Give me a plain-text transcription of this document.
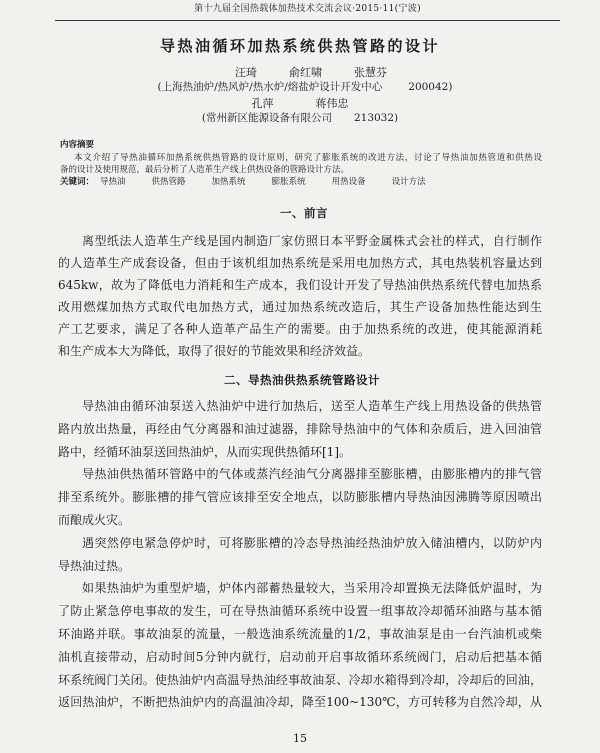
第十九届全国热载体加热技术交流会议·2015·11(宁波)
导热油循环加热系统供热管路的设计
汪琦	俞红啸	张慧芬
(上海热油炉/热风炉/热水炉/熔盐炉设计开发中心 200042)
孔萍	蒋伟忠
(常州新区能源设备有限公司 213032)
内容摘要
本文介绍了导热油循环加热系统供热管路的设计原则，研究了膨胀系统的改进方法，讨论了导热油加热管道和供热设
备的设计及使用规范，最后分析了人造革生产线上供热设备的管路设计方法。
关键词： 导热油	供热管路	加热系统	膨胀系统	用热设备	设计方法
一、前言
离型纸法人造革生产线是国内制造厂家仿照日本平野金属株式会社的样式，自行制作
的人造革生产成套设备，但由于该机组加热系统是采用电加热方式，其电热装机容量达到
645kw，故为了降低电力消耗和生产成本，我们设计开发了导热油供热系统代替电加热系
改用燃煤加热方式取代电加热方式，通过加热系统改造后，其生产设备加热性能达到生
产工艺要求，满足了各种人造革产品生产的需要。由于加热系统的改进，使其能源消耗
和生产成本大为降低，取得了很好的节能效果和经济效益。
二、导热油供热系统管路设计
导热油由循环油泵送入热油炉中进行加热后，送至人造革生产线上用热设备的供热管
路内放出热量，再经由气分离器和油过滤器，排除导热油中的气体和杂质后，进入回油管
路中，经循环油泵送回热油炉，从而实现供热循环[1]。
导热油供热循环管路中的气体或蒸汽经油气分离器排至膨胀槽，由膨胀槽内的排气管
排至系统外。膨胀槽的排气管应该排至安全地点，以防膨胀槽内导热油因沸腾等原因喷出
而酿成火灾。
遇突然停电紧急停炉时，可将膨胀槽的冷态导热油经热油炉放入储油槽内，以防炉内
导热油过热。
如果热油炉为重型炉墙，炉体内部蓄热量较大，当采用冷却置换无法降低炉温时，为
了防止紧急停电事故的发生，可在导热油循环系统中设置一组事故冷却循环油路与基本循
环油路并联。事故油泵的流量，一般选油系统流量的1/2，事故油泵是由一台汽油机或柴
油机直接带动，启动时间5分钟内就行，启动前开启事故循环系统阀门，启动后把基本循
环系统阀门关闭。使热油炉内高温导热油经事故油泵、冷却水箱得到冷却，冷却后的回油，
返回热油炉，不断把热油炉内的高温油冷却，降至100~130℃，方可转移为自然冷却，从
15
